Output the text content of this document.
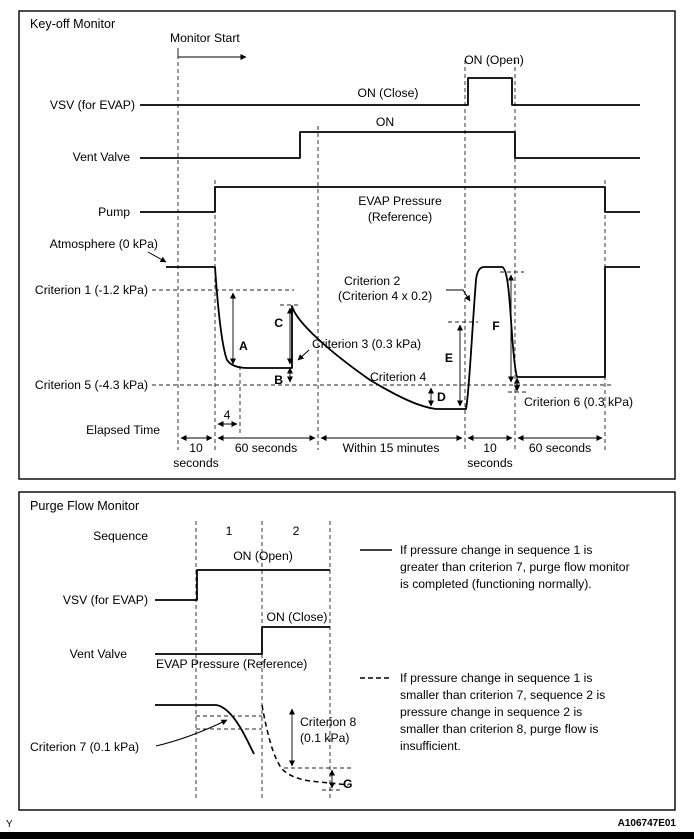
Key-off Monitor
Monitor Start
VSV (for EVAP)
Vent Valve
Pump
Atmosphere (0 kPa)
Criterion 1 (-1.2 kPa)
Criterion 5 (-4.3 kPa)
Elapsed Time
ON (Close)
ON (Open)
ON
EVAP Pressure
(Reference)
Criterion 2
(Criterion 4 x 0.2)
Criterion 3 (0.3 kPa)
Criterion 4
Criterion 6 (0.3 kPa)
A
C
B
D
E
F
4
10
seconds
60 seconds	Within 15 minutes	10
seconds
60 seconds
Purge Flow Monitor
Sequence	1	2
ON (Open)
VSV (for EVAP)
ON (Close)
Vent Valve
EVAP Pressure (Reference)
Criterion 7 (0.1 kPa)
Criterion 8
(0.1 kPa)
G
If pressure change in sequence 1 is
greater than criterion 7, purge flow monitor
is completed (functioning normally).
If pressure change in sequence 1 is
smaller than criterion 7, sequence 2 is
pressure change in sequence 2 is
smaller than criterion 8, purge flow is
insufficient.
Y	A106747E01
